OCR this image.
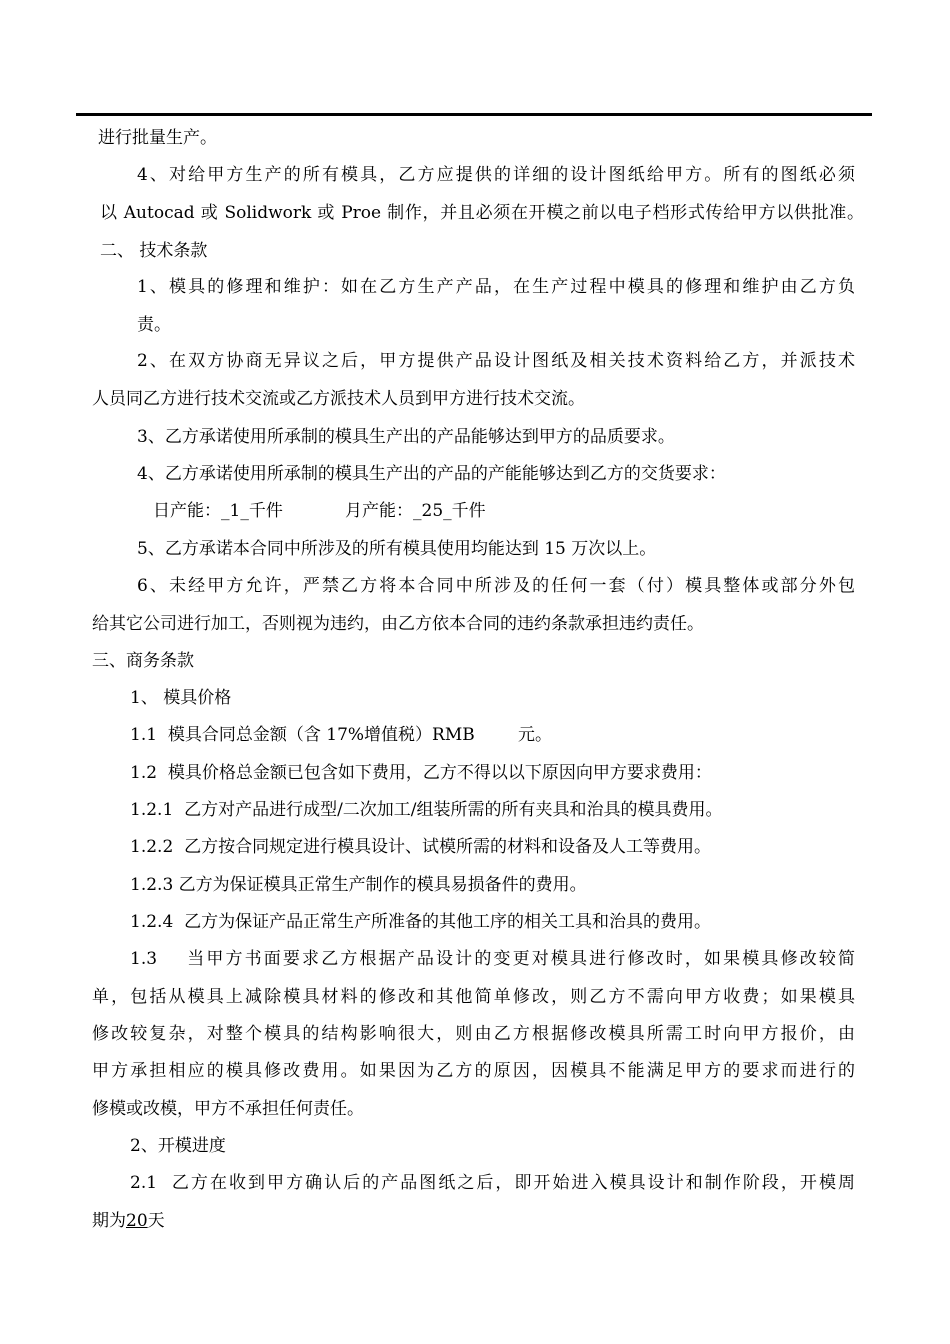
进行批量生产。

4、对给甲方生产的所有模具，乙方应提供的详细的设计图纸给甲方。所有的图纸必须

以 Autocad 或 Solidwork 或 Proe 制作，并且必须在开模之前以电子档形式传给甲方以供批准。

二、 技术条款

1、模具的修理和维护：如在乙方生产产品，在生产过程中模具的修理和维护由乙方负

责。

2、在双方协商无异议之后，甲方提供产品设计图纸及相关技术资料给乙方，并派技术

人员同乙方进行技术交流或乙方派技术人员到甲方进行技术交流。

3、乙方承诺使用所承制的模具生产出的产品能够达到甲方的品质要求。

4、乙方承诺使用所承制的模具生产出的产品的产能能够达到乙方的交货要求：

日产能：_1_千件	月产能：_25_千件

5、乙方承诺本合同中所涉及的所有模具使用均能达到 15 万次以上。

6、未经甲方允许，严禁乙方将本合同中所涉及的任何一套（付）模具整体或部分外包

给其它公司进行加工，否则视为违约，由乙方依本合同的违约条款承担违约责任。

三、商务条款

1、 模具价格

1.1  模具合同总金额（含 17%增值税）RMB        元。

1.2  模具价格总金额已包含如下费用，乙方不得以以下原因向甲方要求费用：

1.2.1  乙方对产品进行成型/二次加工/组装所需的所有夹具和治具的模具费用。

1.2.2  乙方按合同规定进行模具设计、试模所需的材料和设备及人工等费用。

1.2.3 乙方为保证模具正常生产制作的模具易损备件的费用。

1.2.4  乙方为保证产品正常生产所准备的其他工序的相关工具和治具的费用。

1.3    当甲方书面要求乙方根据产品设计的变更对模具进行修改时，如果模具修改较简

单，包括从模具上减除模具材料的修改和其他简单修改，则乙方不需向甲方收费；如果模具

修改较复杂，对整个模具的结构影响很大，则由乙方根据修改模具所需工时向甲方报价，由

甲方承担相应的模具修改费用。如果因为乙方的原因，因模具不能满足甲方的要求而进行的

修模或改模，甲方不承担任何责任。

2、开模进度

2.1  乙方在收到甲方确认后的产品图纸之后，即开始进入模具设计和制作阶段，开模周

期为20天
